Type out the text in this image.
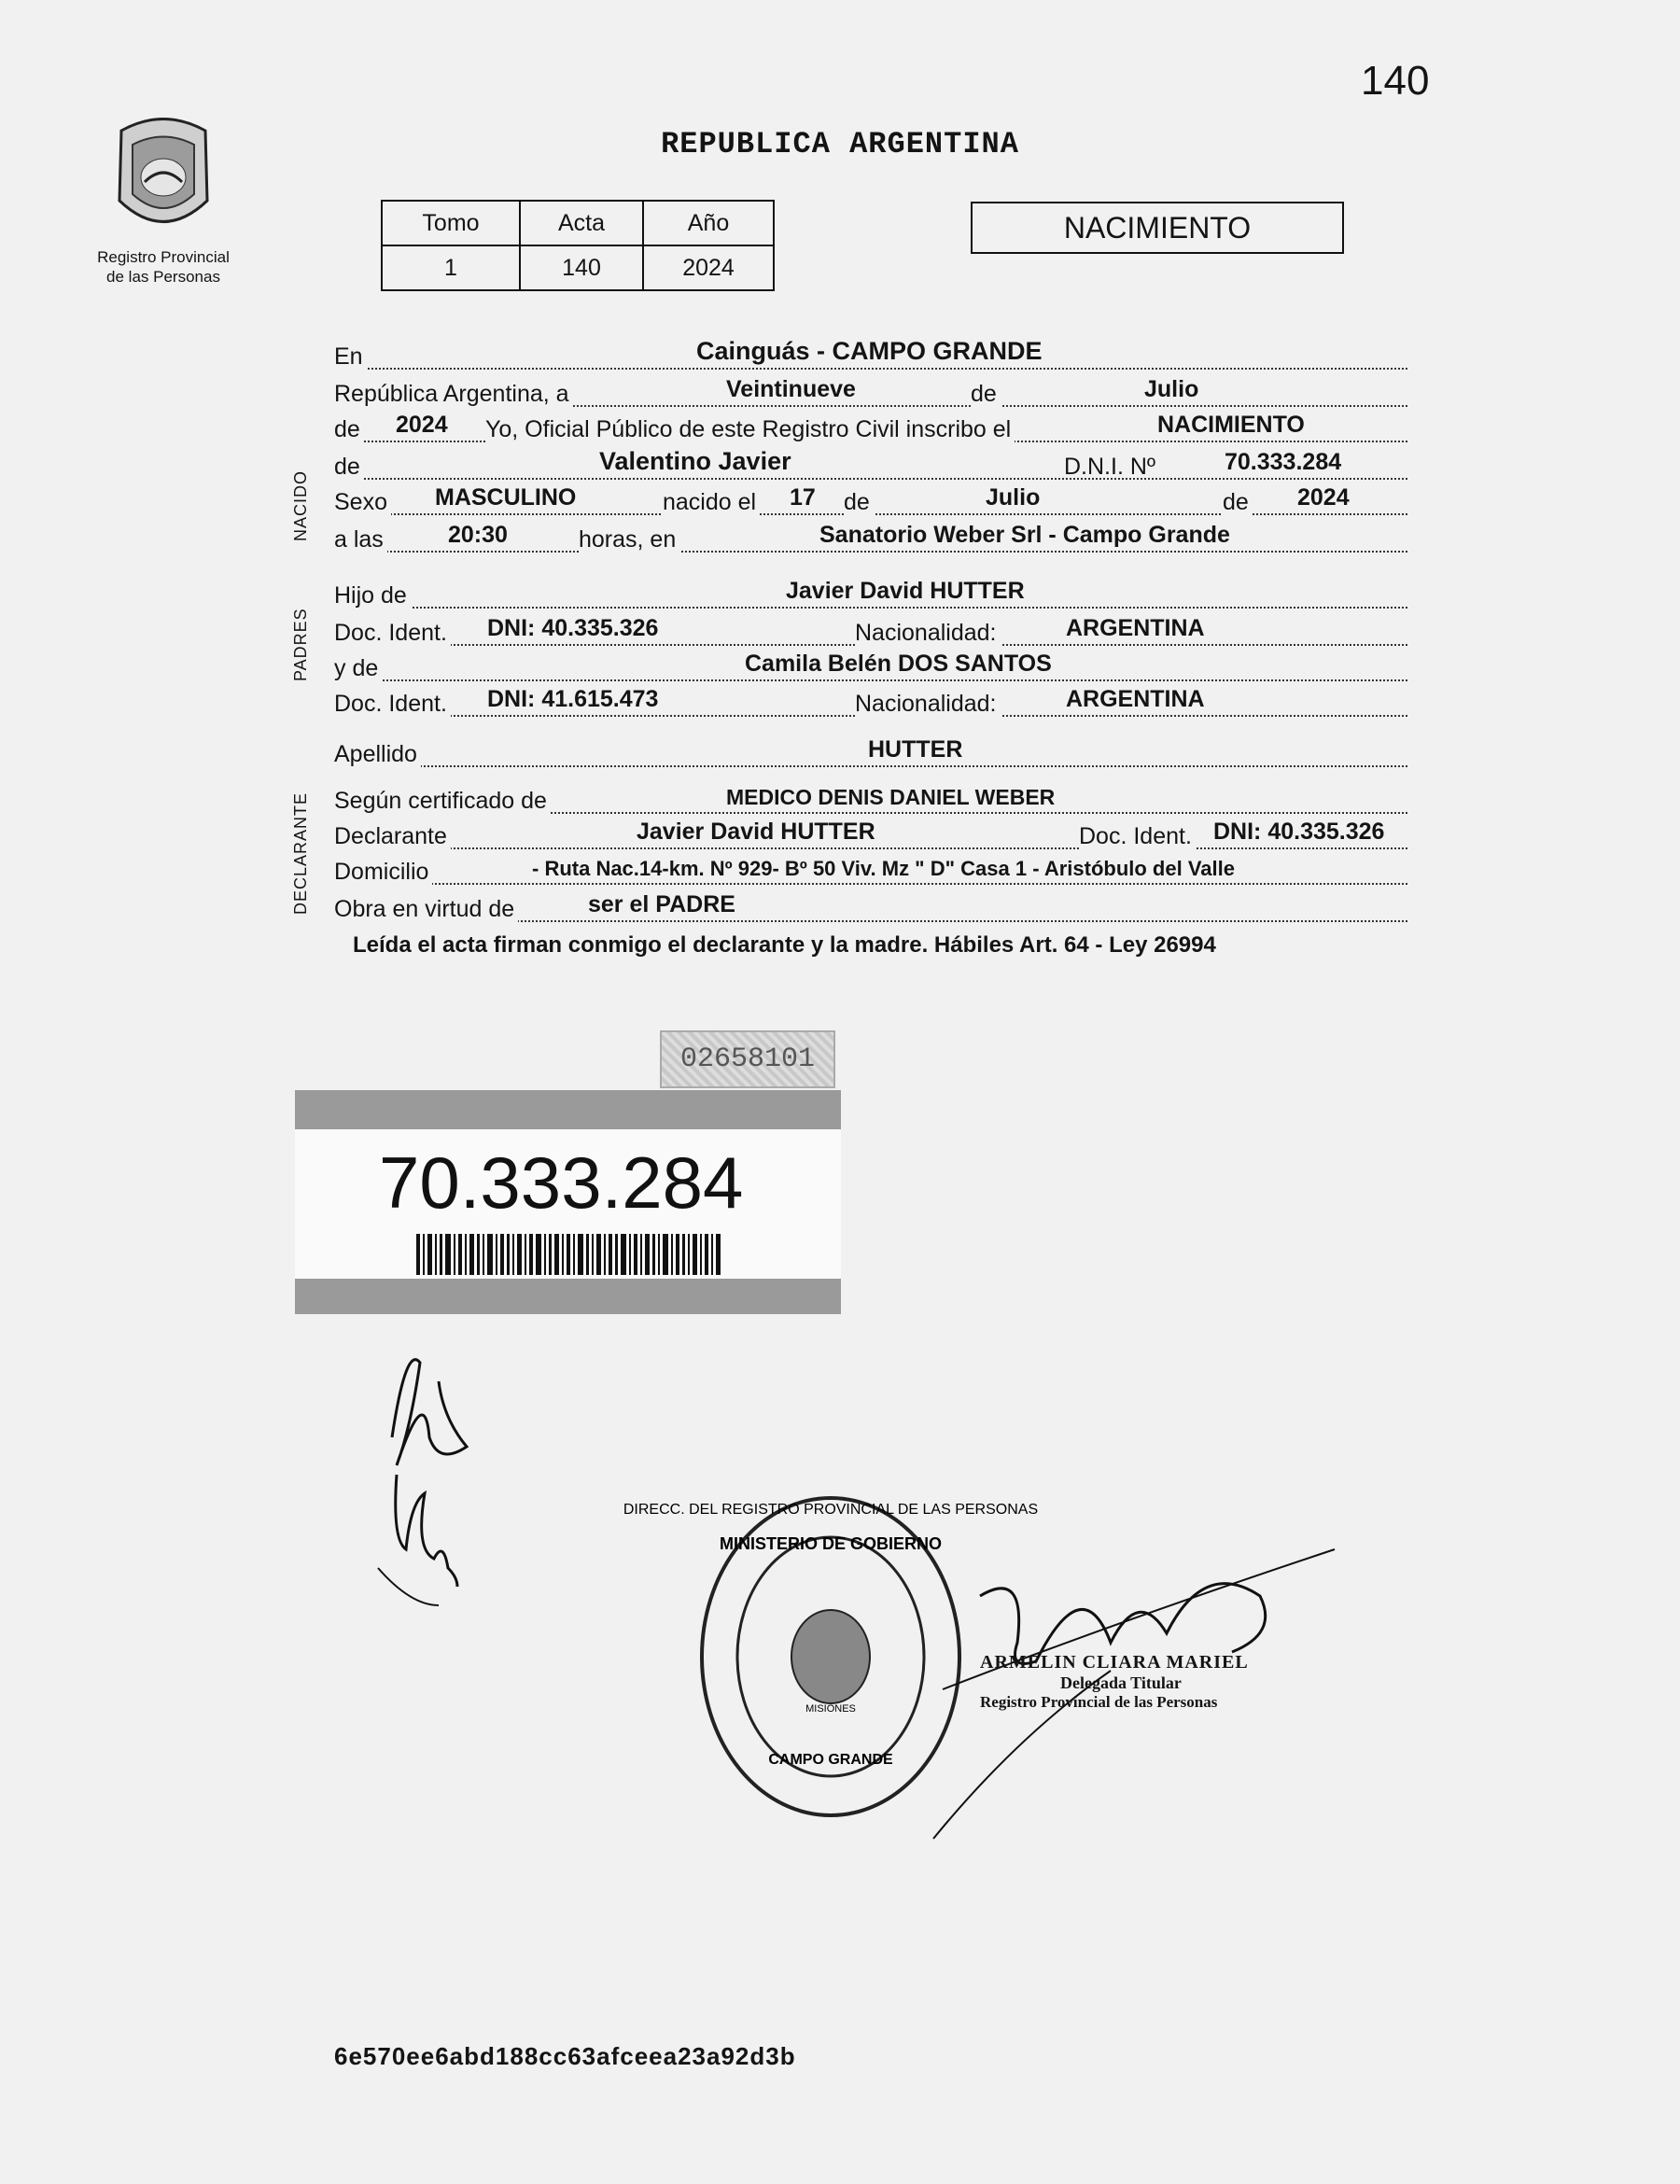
140
Registro Provincial
de las Personas
REPUBLICA ARGENTINA
Tomo	Acta	Año
1	140	2024
NACIMIENTO
NACIDO
PADRES
DECLARANTE
En	Cainguás - CAMPO GRANDE
República Argentina, a	Veintinueve	de	Julio
de 2024 Yo, Oficial Público de este Registro Civil inscribo el	NACIMIENTO
de	Valentino Javier	D.N.I. Nº	70.333.284
Sexo MASCULINO	nacido el 17 de	Julio	de 2024
a las	20:30	horas, en	Sanatorio Weber Srl - Campo Grande
Hijo de	Javier David HUTTER
Doc. Ident. DNI: 40.335.326	Nacionalidad:	ARGENTINA
y de	Camila Belén DOS SANTOS
Doc. Ident. DNI: 41.615.473	Nacionalidad:	ARGENTINA
Apellido	HUTTER
Según certificado de	MEDICO DENIS DANIEL WEBER
Declarante	Javier David HUTTER	Doc. Ident. DNI: 40.335.326
Domicilio	- Ruta Nac.14-km. Nº 929- Bº 50 Viv. Mz " D" Casa 1 - Aristóbulo del Valle
Obra en virtud de	ser el PADRE
Leída el acta firman conmigo el declarante y la madre. Hábiles Art. 64 - Ley 26994
02658101
70.333.284
MINISTERIO DE GOBIERNO
DIRECC. DEL REGISTRO PROVINCIAL DE LAS PERSONAS
CAMPO GRANDE
MISIONES
ARMELIN CLIARA MARIEL
Delegada Titular
Registro Provincial de las Personas
6e570ee6abd188cc63afceea23a92d3b
